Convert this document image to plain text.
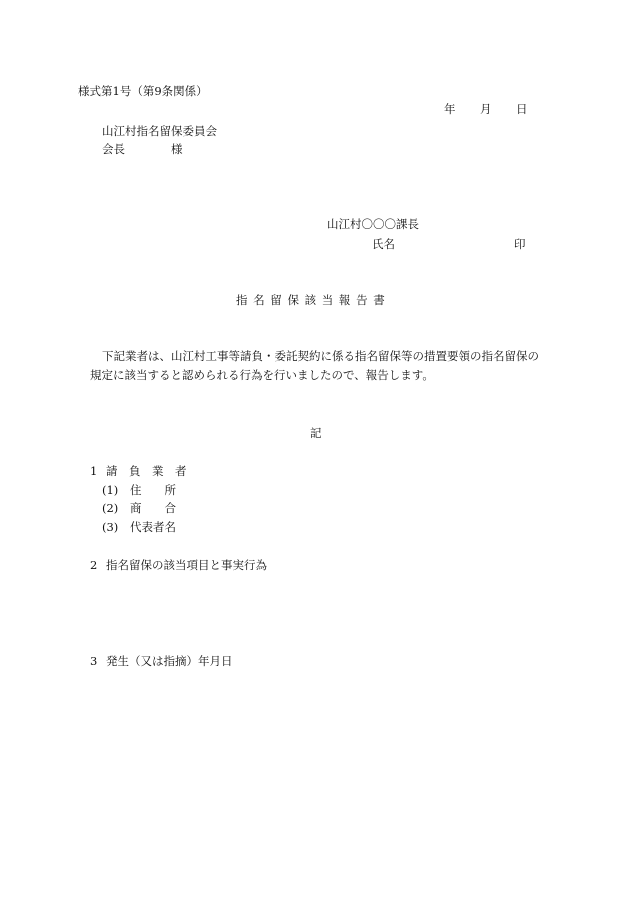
様式第1号（第9条関係）
年 月 日
山江村指名留保委員会
会長	様
山江村〇〇〇課長
氏名	印
指 名 留 保 該 当 報 告 書
下記業者は、山江村工事等請負・委託契約に係る指名留保等の措置要領の指名留保の
規定に該当すると認められる行為を行いましたので、報告します。
記
1 請　負　業　者
(1) 住　　所
(2) 商　　合
(3) 代表者名
2 指名留保の該当項目と事実行為
3 発生（又は指摘）年月日
